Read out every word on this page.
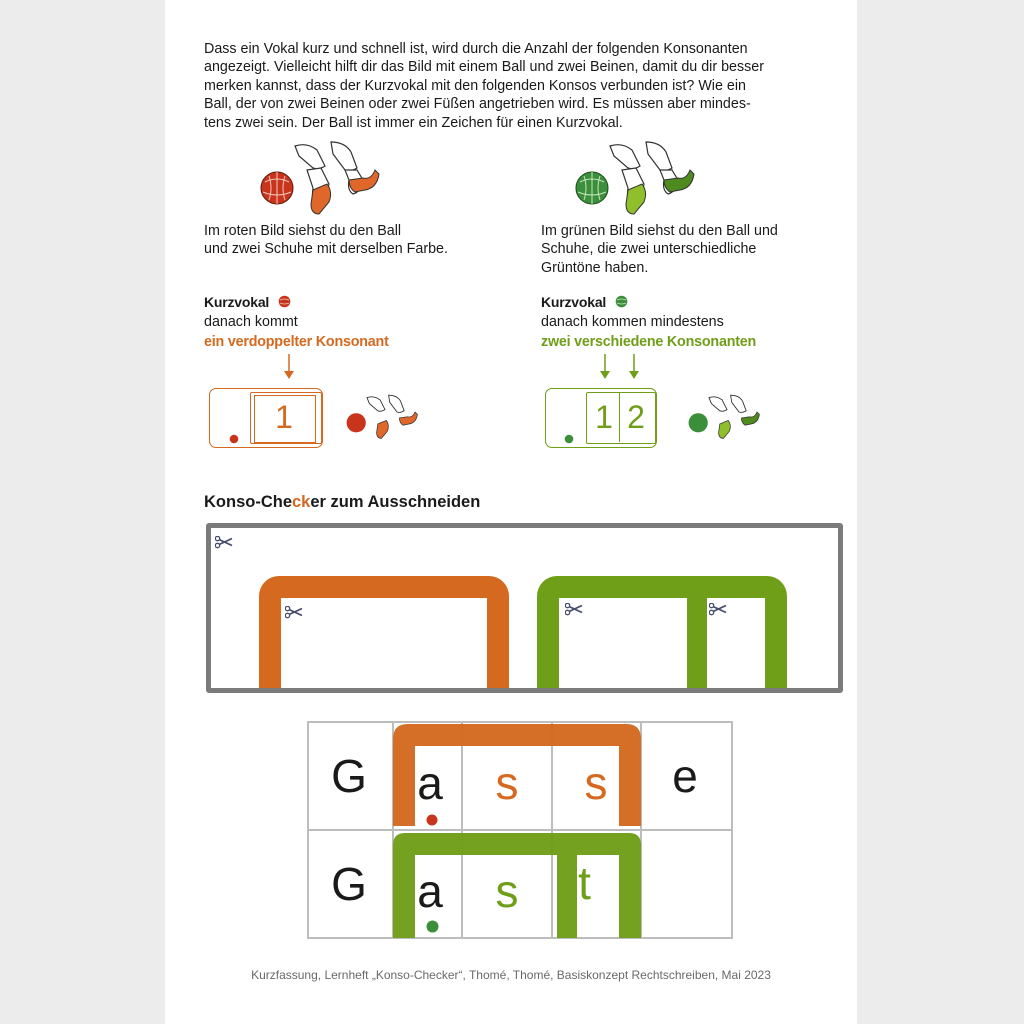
Dass ein Vokal kurz und schnell ist, wird durch die Anzahl der folgenden Konsonanten
angezeigt. Vielleicht hilft dir das Bild mit einem Ball und zwei Beinen, damit du dir besser
merken kannst, dass der Kurzvokal mit den folgenden Konsos verbunden ist? Wie ein
Ball, der von zwei Beinen oder zwei Füßen angetrieben wird. Es müssen aber mindes-
tens zwei sein. Der Ball ist immer ein Zeichen für einen Kurzvokal.

Im roten Bild siehst du den Ball
und zwei Schuhe mit derselben Farbe.
Im grünen Bild siehst du den Ball und
Schuhe, die zwei unterschiedliche
Grüntöne haben.
Kurzvokal
danach kommt
ein verdoppelter Konsonant
Kurzvokal
danach kommen mindestens
zwei verschiedene Konsonanten
1	1 2
Konso-Checker zum Ausschneiden
G	a	s	s	e
G	a	s	t
Kurzfassung, Lernheft „Konso-Checker“, Thomé, Thomé, Basiskonzept Rechtschreiben, Mai 2023
